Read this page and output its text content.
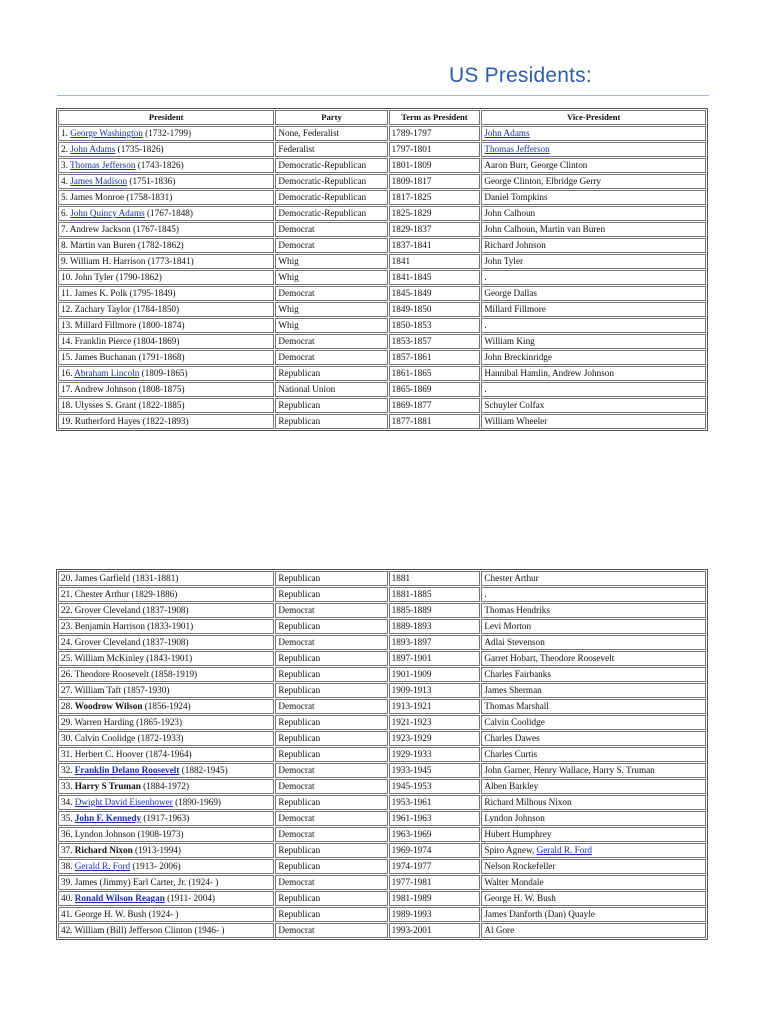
US Presidents:
President	Party	Term as President	Vice-President
1. George Washington (1732-1799)	None, Federalist	1789-1797	John Adams
2. John Adams (1735-1826)	Federalist	1797-1801	Thomas Jefferson
3. Thomas Jefferson (1743-1826)	Democratic-Republican	1801-1809	Aaron Burr, George Clinton
4. James Madison (1751-1836)	Democratic-Republican	1809-1817	George Clinton, Elbridge Gerry
5. James Monroe (1758-1831)	Democratic-Republican	1817-1825	Daniel Tompkins
6. John Quincy Adams (1767-1848)	Democratic-Republican	1825-1829	John Calhoun
7. Andrew Jackson (1767-1845)	Democrat	1829-1837	John Calhoun, Martin van Buren
8. Martin van Buren (1782-1862)	Democrat	1837-1841	Richard Johnson
9. William H. Harrison (1773-1841)	Whig	1841	John Tyler
10. John Tyler (1790-1862)	Whig	1841-1845	.
11. James K. Polk (1795-1849)	Democrat	1845-1849	George Dallas
12. Zachary Taylor (1784-1850)	Whig	1849-1850	Millard Fillmore
13. Millard Fillmore (1800-1874)	Whig	1850-1853	.
14. Franklin Pierce (1804-1869)	Democrat	1853-1857	William King
15. James Buchanan (1791-1868)	Democrat	1857-1861	John Breckinridge
16. Abraham Lincoln (1809-1865)	Republican	1861-1865	Hannibal Hamlin, Andrew Johnson
17. Andrew Johnson (1808-1875)	National Union	1865-1869	.
18. Ulysses S. Grant (1822-1885)	Republican	1869-1877	Schuyler Colfax
19. Rutherford Hayes (1822-1893)	Republican	1877-1881	William Wheeler
20. James Garfield (1831-1881)	Republican	1881	Chester Arthur
21. Chester Arthur (1829-1886)	Republican	1881-1885	.
22. Grover Cleveland (1837-1908)	Democrat	1885-1889	Thomas Hendriks
23. Benjamin Harrison (1833-1901)	Republican	1889-1893	Levi Morton
24. Grover Cleveland (1837-1908)	Democrat	1893-1897	Adlai Stevenson
25. William McKinley (1843-1901)	Republican	1897-1901	Garret Hobart, Theodore Roosevelt
26. Theodore Roosevelt (1858-1919)	Republican	1901-1909	Charles Fairbanks
27. William Taft (1857-1930)	Republican	1909-1913	James Sherman
28. Woodrow Wilson (1856-1924)	Democrat	1913-1921	Thomas Marshall
29. Warren Harding (1865-1923)	Republican	1921-1923	Calvin Coolidge
30. Calvin Coolidge (1872-1933)	Republican	1923-1929	Charles Dawes
31. Herbert C. Hoover (1874-1964)	Republican	1929-1933	Charles Curtis
32. Franklin Delano Roosevelt (1882-1945)	Democrat	1933-1945	John Garner, Henry Wallace, Harry S. Truman
33. Harry S Truman (1884-1972)	Democrat	1945-1953	Alben Barkley
34. Dwight David Eisenhower (1890-1969)	Republican	1953-1961	Richard Milhous Nixon
35. John F. Kennedy (1917-1963)	Democrat	1961-1963	Lyndon Johnson
36. Lyndon Johnson (1908-1973)	Democrat	1963-1969	Hubert Humphrey
37. Richard Nixon (1913-1994)	Republican	1969-1974	Spiro Agnew, Gerald R. Ford
38. Gerald R. Ford (1913- 2006)	Republican	1974-1977	Nelson Rockefeller
39. James (Jimmy) Earl Carter, Jr. (1924- )	Democrat	1977-1981	Walter Mondale
40. Ronald Wilson Reagan (1911- 2004)	Republican	1981-1989	George H. W. Bush
41. George H. W. Bush (1924- )	Republican	1989-1993	James Danforth (Dan) Quayle
42. William (Bill) Jefferson Clinton (1946- )	Democrat	1993-2001	Al Gore
